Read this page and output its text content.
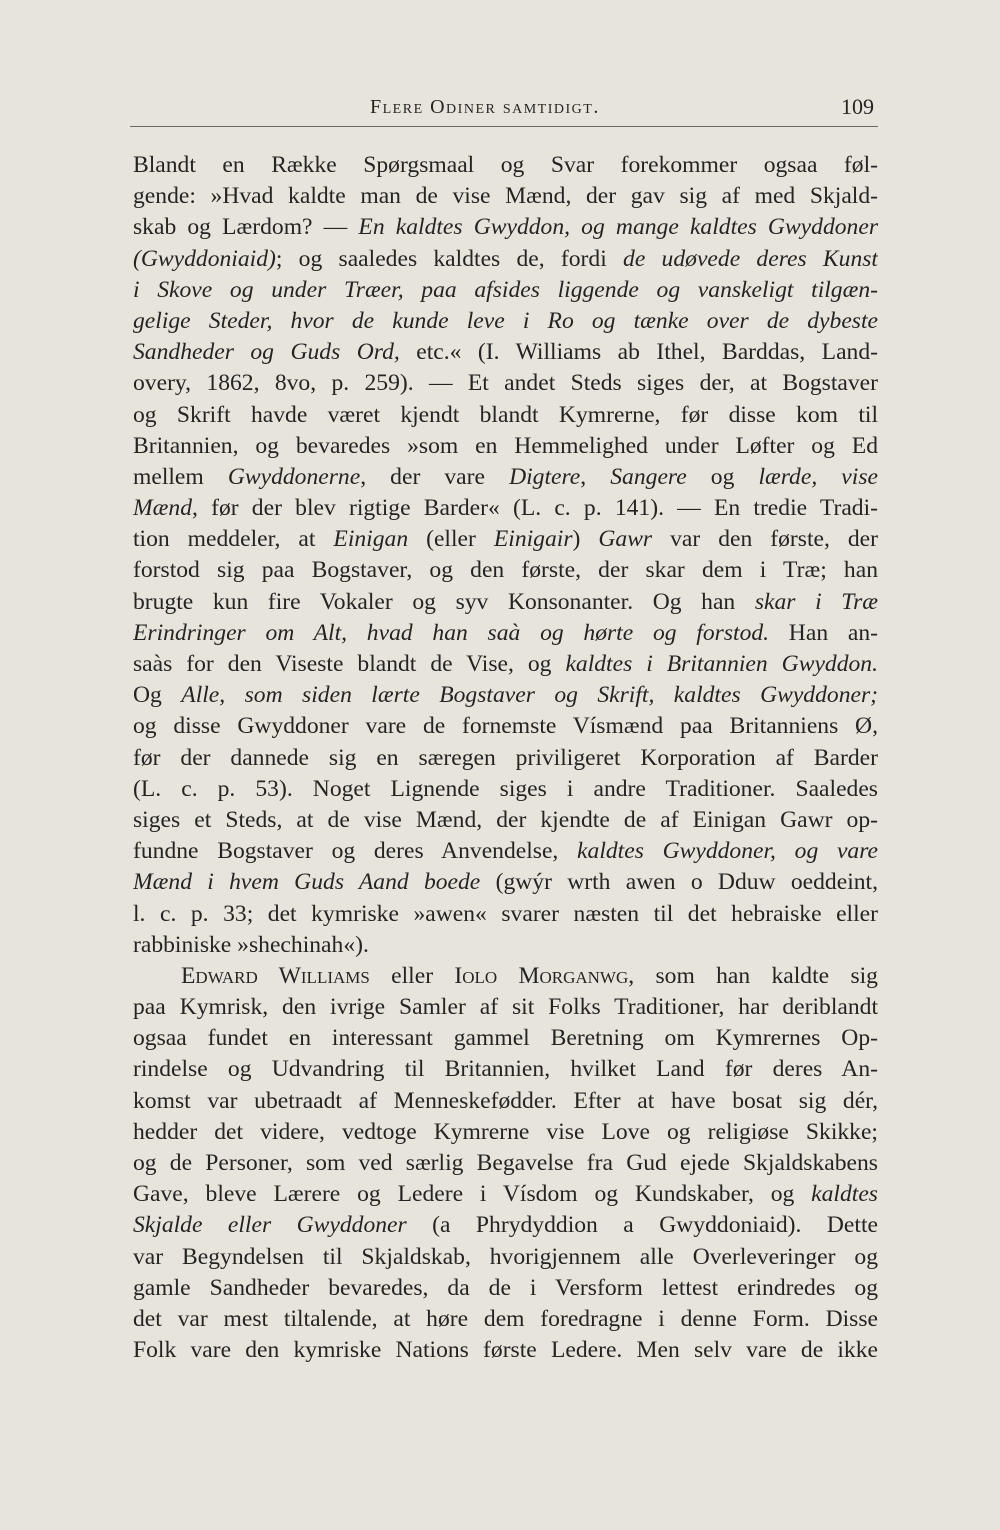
Flere Odiner samtidigt.	109
Blandt en Række Spørgsmaal og Svar forekommer ogsaa føl-
gende: »Hvad kaldte man de vise Mænd, der gav sig af med Skjald-
skab og Lærdom? — En kaldtes Gwyddon, og mange kaldtes Gwyddoner
(Gwyddoniaid); og saaledes kaldtes de, fordi de udøvede deres Kunst
i Skove og under Træer, paa afsides liggende og vanskeligt tilgæn-
gelige Steder, hvor de kunde leve i Ro og tænke over de dybeste
Sandheder og Guds Ord, etc.« (I. Williams ab Ithel, Barddas, Land-
overy, 1862, 8vo, p. 259). — Et andet Steds siges der, at Bogstaver
og Skrift havde været kjendt blandt Kymrerne, før disse kom til
Britannien, og bevaredes »som en Hemmelighed under Løfter og Ed
mellem Gwyddonerne, der vare Digtere, Sangere og lærde, vise
Mænd, før der blev rigtige Barder« (L. c. p. 141). — En tredie Tradi-
tion meddeler, at Einigan (eller Einigair) Gawr var den første, der
forstod sig paa Bogstaver, og den første, der skar dem i Træ; han
brugte kun fire Vokaler og syv Konsonanter. Og han skar i Træ
Erindringer om Alt, hvad han saà og hørte og forstod. Han an-
saàs for den Viseste blandt de Vise, og kaldtes i Britannien Gwyddon.
Og Alle, som siden lærte Bogstaver og Skrift, kaldtes Gwyddoner;
og disse Gwyddoner vare de fornemste Vísmænd paa Britanniens Ø,
før der dannede sig en særegen priviligeret Korporation af Barder
(L. c. p. 53). Noget Lignende siges i andre Traditioner. Saaledes
siges et Steds, at de vise Mænd, der kjendte de af Einigan Gawr op-
fundne Bogstaver og deres Anvendelse, kaldtes Gwyddoner, og vare
Mænd i hvem Guds Aand boede (gwýr wrth awen o Dduw oeddeint,
l. c. p. 33; det kymriske »awen« svarer næsten til det hebraiske eller
rabbiniske »shechinah«).
Edward Williams eller Iolo Morganwg, som han kaldte sig
paa Kymrisk, den ivrige Samler af sit Folks Traditioner, har deriblandt
ogsaa fundet en interessant gammel Beretning om Kymrernes Op-
rindelse og Udvandring til Britannien, hvilket Land før deres An-
komst var ubetraadt af Menneskefødder. Efter at have bosat sig dér,
hedder det videre, vedtoge Kymrerne vise Love og religiøse Skikke;
og de Personer, som ved særlig Begavelse fra Gud ejede Skjaldskabens
Gave, bleve Lærere og Ledere i Vísdom og Kundskaber, og kaldtes
Skjalde eller Gwyddoner (a Phrydyddion a Gwyddoniaid). Dette
var Begyndelsen til Skjaldskab, hvorigjennem alle Overleveringer og
gamle Sandheder bevaredes, da de i Versform lettest erindredes og
det var mest tiltalende, at høre dem foredragne i denne Form. Disse
Folk vare den kymriske Nations første Ledere. Men selv vare de ikke
